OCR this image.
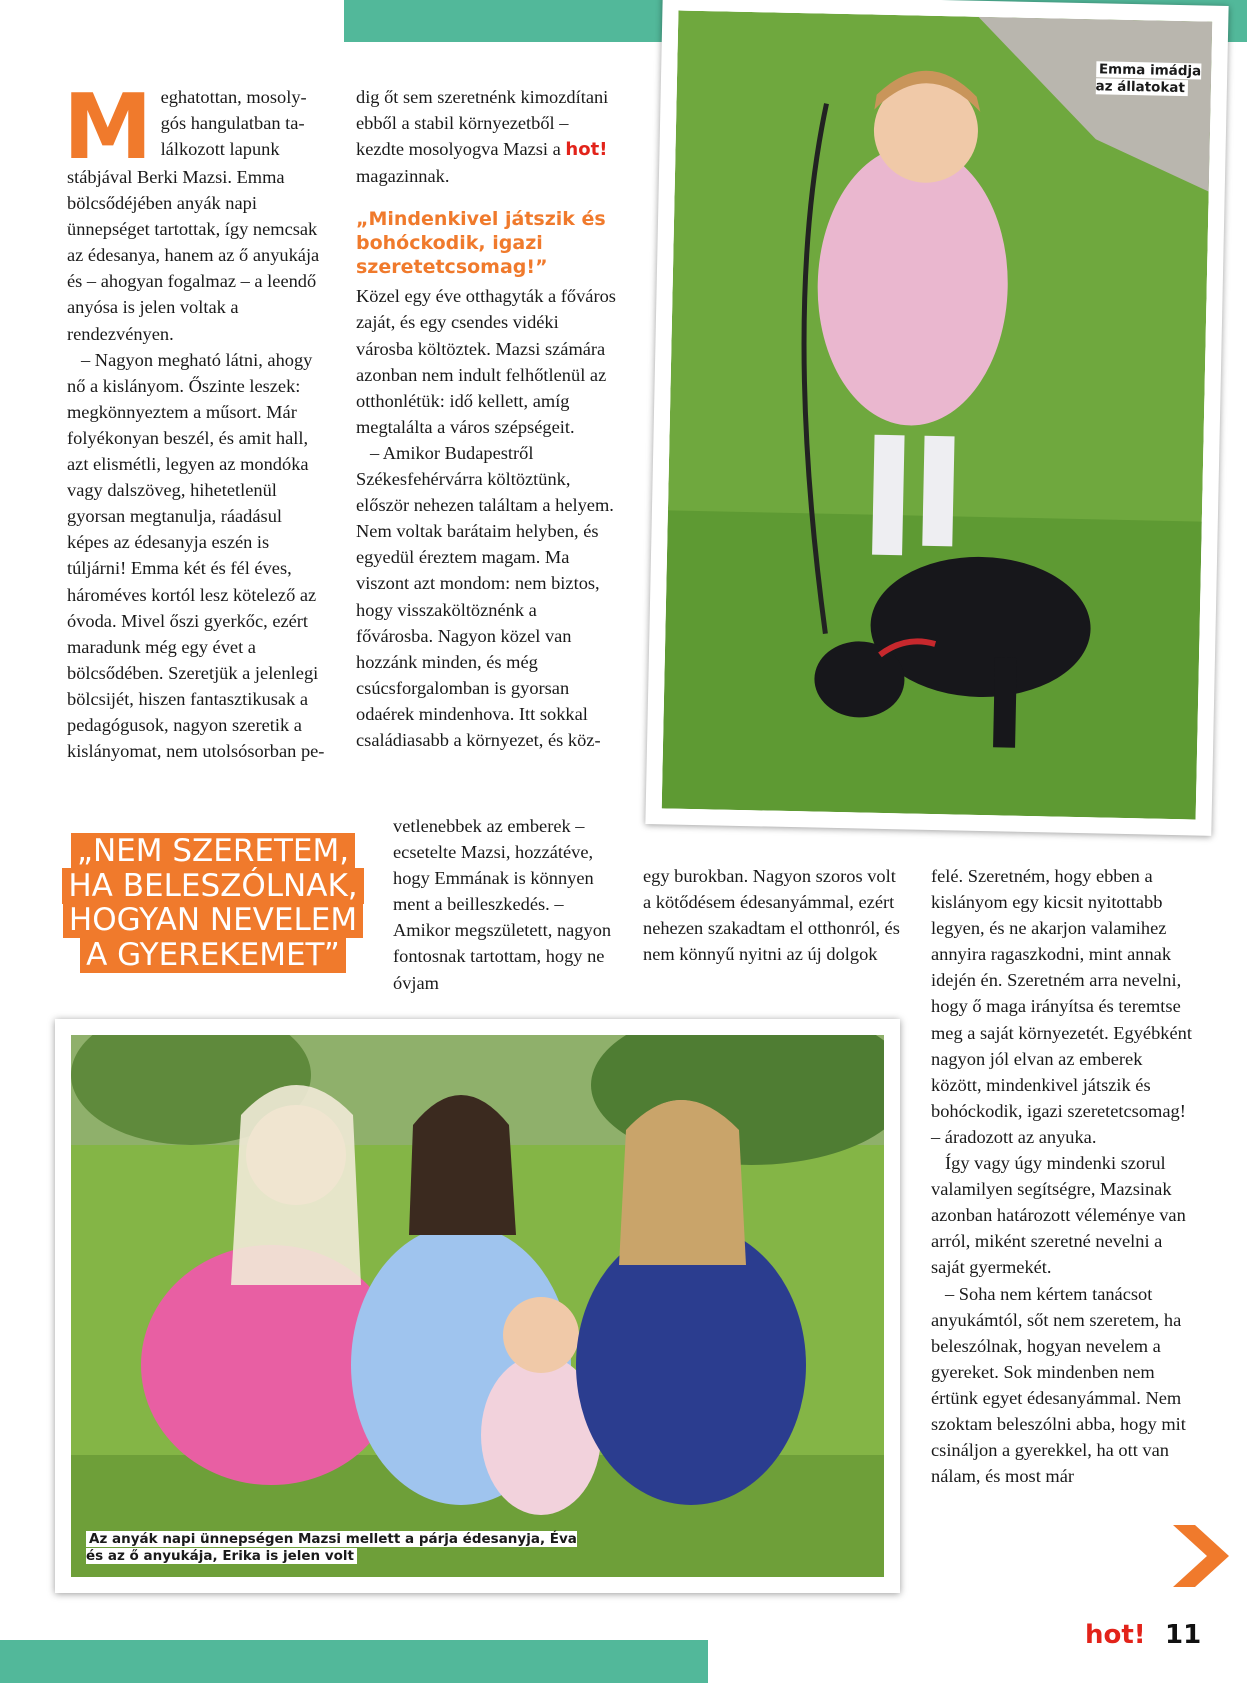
M eghatottan, mosoly-
gós hangulatban ta-
lálkozott lapunk

stábjával Berki Mazsi. Emma bölcsődéjében anyák napi ünnepséget tartottak, így nemcsak az édesanya, hanem az ő anyukája és – ahogyan fogalmaz – a leendő anyósa is jelen voltak a rendezvényen.

– Nagyon megható látni, ahogy nő a kislányom. Őszinte leszek: megkönnyeztem a műsort. Már folyékonyan beszél, és amit hall, azt elismétli, legyen az mondóka vagy dalszöveg, hihetetlenül gyorsan megtanulja, ráadásul képes az édesanyja eszén is túljárni! Emma két és fél éves, hároméves kortól lesz kötelező az óvoda. Mivel őszi gyerkőc, ezért maradunk még egy évet a bölcsődében. Szeretjük a jelenlegi bölcsijét, hiszen fantasztikusak a pedagógusok, nagyon szeretik a kislányomat, nem utolsósorban pe-

dig őt sem szeretnénk kimozdítani ebből a stabil környezetből – kezdte mosolyogva Mazsi a hot! magazinnak.

„Mindenkivel játszik és bohóckodik, igazi szeretetcsomag!”

Közel egy éve otthagyták a főváros zaját, és egy csendes vidéki városba költöztek. Mazsi számára azonban nem indult felhőtlenül az otthonlétük: idő kellett, amíg megtalálta a város szépségeit.

– Amikor Budapestről Székesfehérvárra költöztünk, először nehezen találtam a helyem. Nem voltak barátaim helyben, és egyedül éreztem magam. Ma viszont azt mondom: nem biztos, hogy visszaköltöznénk a fővárosba. Nagyon közel van hozzánk minden, és még csúcsforgalomban is gyorsan odaérek mindenhova. Itt sokkal családiasabb a környezet, és köz-

vetlenebbek az emberek – ecsetelte Mazsi, hozzátéve, hogy Emmának is könnyen ment a beilleszkedés. – Amikor megszületett, nagyon fontosnak tartottam, hogy ne óvjam

egy burokban. Nagyon szoros volt a kötődésem édesanyámmal, ezért nehezen szakadtam el otthonról, és nem könnyű nyitni az új dolgok

felé. Szeretném, hogy ebben a kislányom egy kicsit nyitottabb legyen, és ne akarjon valamihez annyira ragaszkodni, mint annak idején én. Szeretném arra nevelni, hogy ő maga irányítsa és teremtse meg a saját környezetét. Egyébként nagyon jól elvan az emberek között, mindenkivel játszik és bohóckodik, igazi szeretetcsomag! – áradozott az anyuka.

Így vagy úgy mindenki szorul valamilyen segítségre, Mazsinak azonban határozott véleménye van arról, miként szeretné nevelni a saját gyermekét.

– Soha nem kértem tanácsot anyukámtól, sőt nem szeretem, ha beleszólnak, hogyan nevelem a gyereket. Sok mindenben nem értünk egyet édesanyámmal. Nem szoktam beleszólni abba, hogy mit csináljon a gyerekkel, ha ott van nálam, és most már

„NEM SZERETEM,
HA BELESZÓLNAK,
HOGYAN NEVELEM
A GYEREKEMET”
Emma imádja
az állatokat
Az anyák napi ünnepségen Mazsi mellett a párja édesanyja, Éva
és az ő anyukája, Erika is jelen volt
hot! 11
